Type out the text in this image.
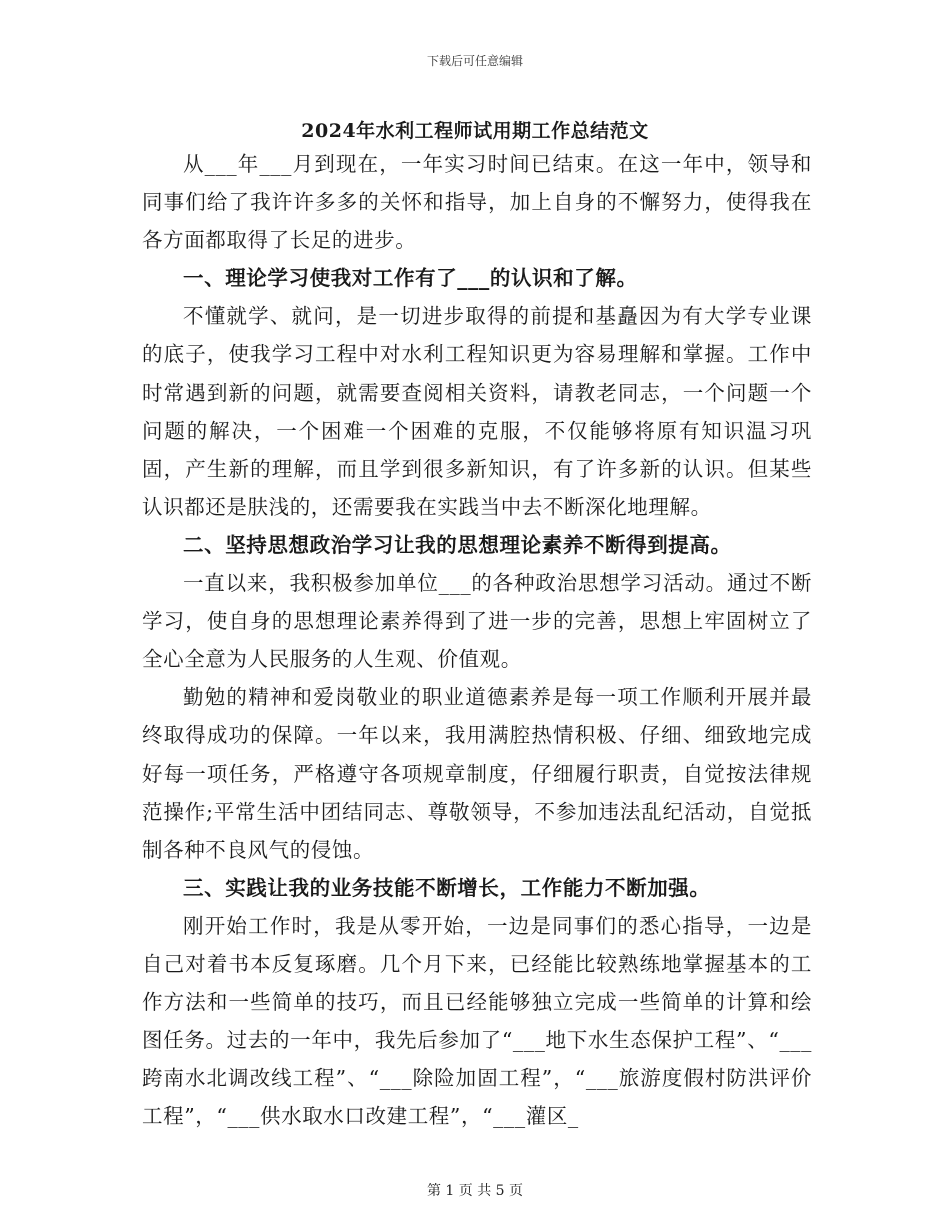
下载后可任意编辑
2024年水利工程师试用期工作总结范文

从___年___月到现在，一年实习时间已结束。在这一年中，领导和同事们给了我许许多多的关怀和指导，加上自身的不懈努力，使得我在各方面都取得了长足的进步。

一、理论学习使我对工作有了___的认识和了解。

不懂就学、就问，是一切进步取得的前提和基矗因为有大学专业课的底子，使我学习工程中对水利工程知识更为容易理解和掌握。工作中时常遇到新的问题，就需要查阅相关资料，请教老同志，一个问题一个问题的解决，一个困难一个困难的克服，不仅能够将原有知识温习巩固，产生新的理解，而且学到很多新知识，有了许多新的认识。但某些认识都还是肤浅的，还需要我在实践当中去不断深化地理解。

二、坚持思想政治学习让我的思想理论素养不断得到提高。

一直以来，我积极参加单位___的各种政治思想学习活动。通过不断学习，使自身的思想理论素养得到了进一步的完善，思想上牢固树立了全心全意为人民服务的人生观、价值观。

勤勉的精神和爱岗敬业的职业道德素养是每一项工作顺利开展并最终取得成功的保障。一年以来，我用满腔热情积极、仔细、细致地完成好每一项任务，严格遵守各项规章制度，仔细履行职责，自觉按法律规范操作;平常生活中团结同志、尊敬领导，不参加违法乱纪活动，自觉抵制各种不良风气的侵蚀。

三、实践让我的业务技能不断增长，工作能力不断加强。

刚开始工作时，我是从零开始，一边是同事们的悉心指导，一边是自己对着书本反复琢磨。几个月下来，已经能比较熟练地掌握基本的工作方法和一些简单的技巧，而且已经能够独立完成一些简单的计算和绘图任务。过去的一年中，我先后参加了“___地下水生态保护工程”、“___跨南水北调改线工程”、“___除险加固工程”，“___旅游度假村防洪评价工程”，“___供水取水口改建工程”，“___灌区_

第 1 页 共 5 页
